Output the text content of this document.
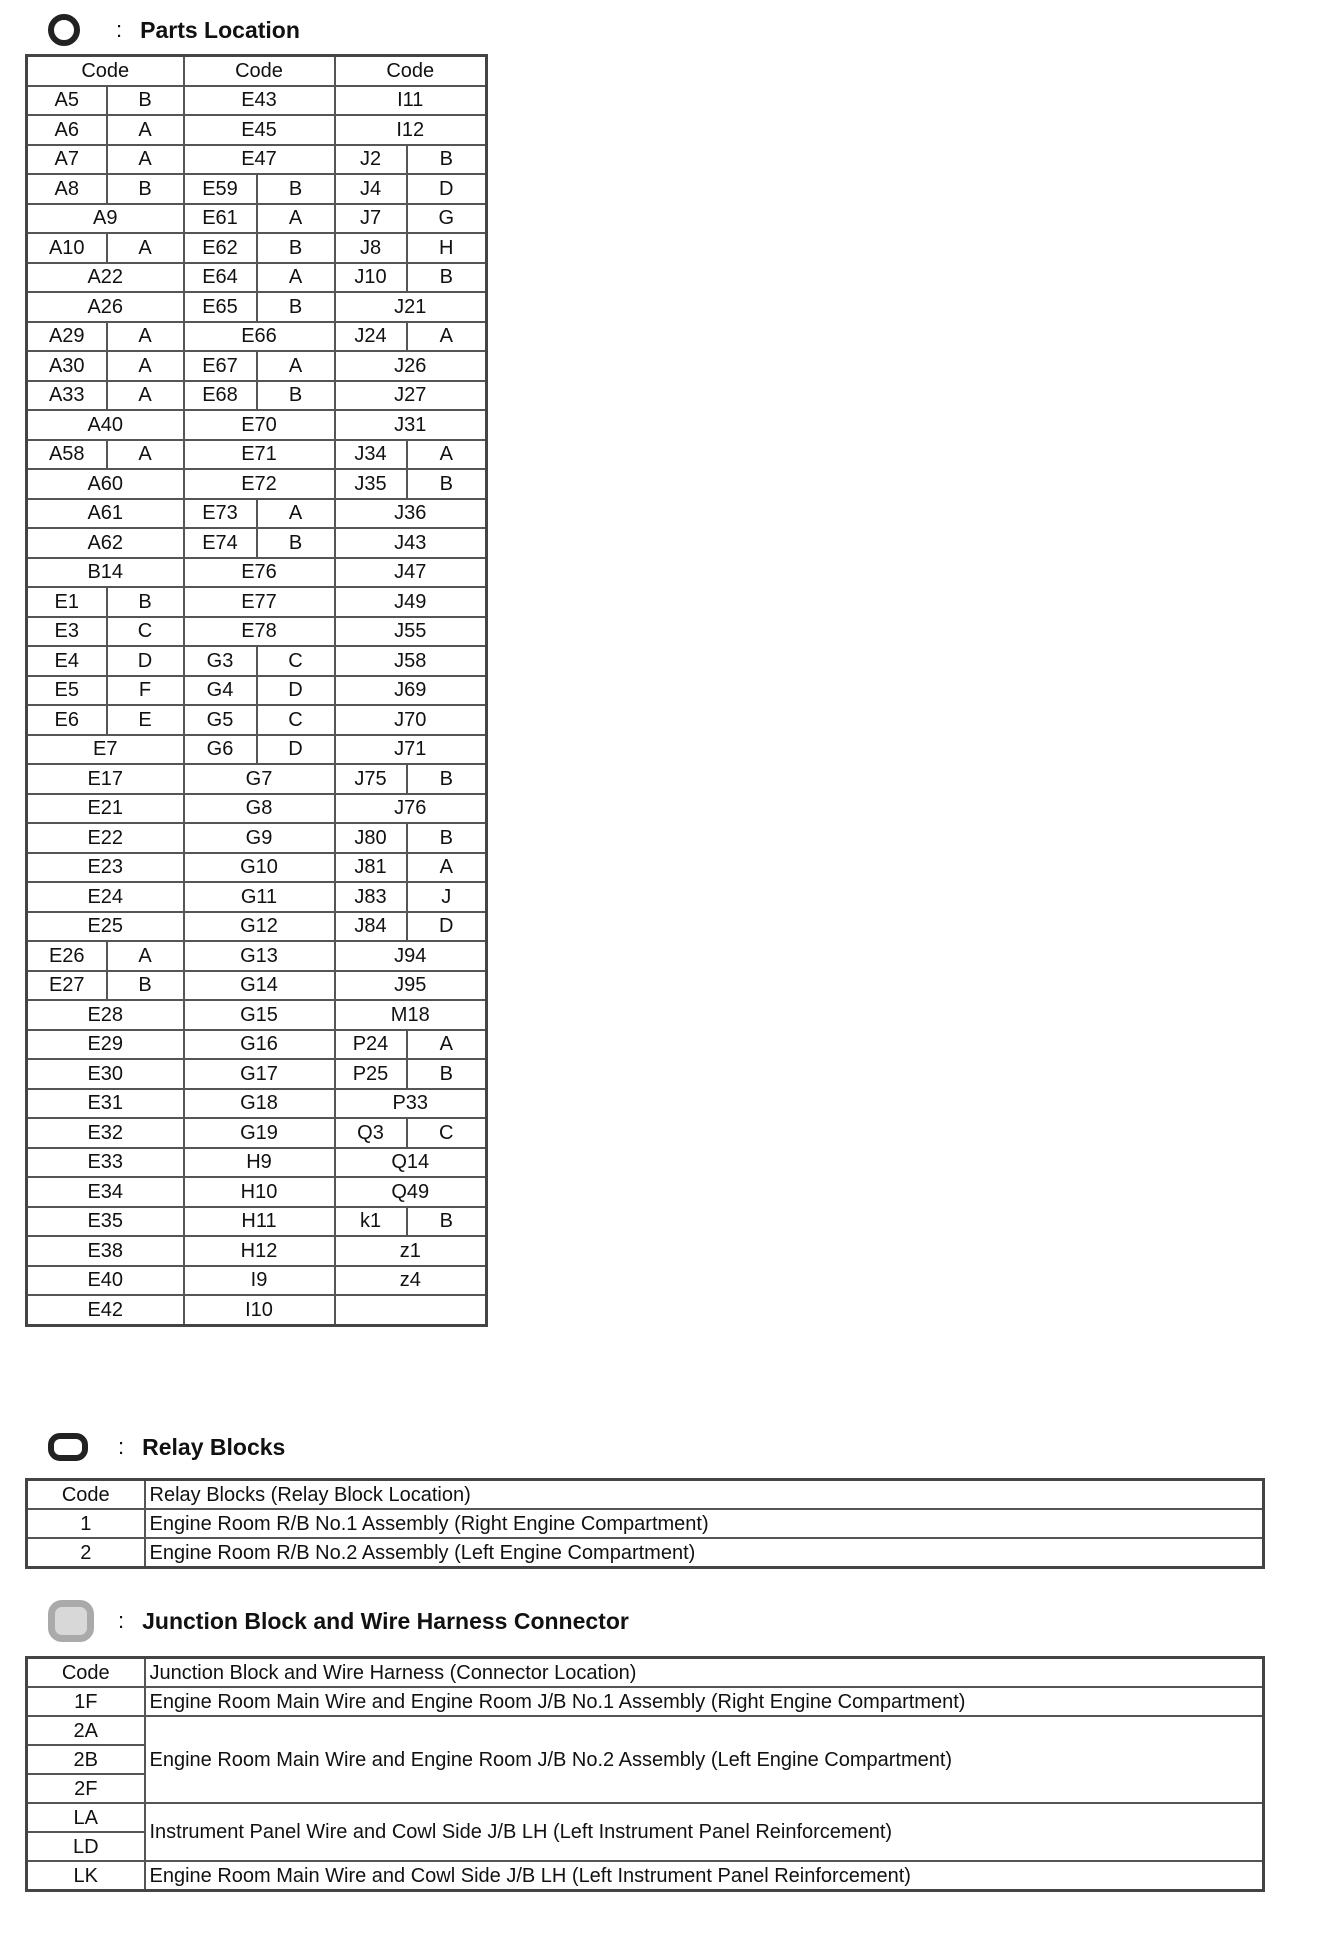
: Parts Location
Code		Code		Code	
A5	B	E43		I11	
A6	A	E45		I12	
A7	A	E47		J2	B
A8	B	E59	B	J4	D
A9		E61	A	J7	G
A10	A	E62	B	J8	H
A22		E64	A	J10	B
A26		E65	B	J21	
A29	A	E66		J24	A
A30	A	E67	A	J26	
A33	A	E68	B	J27	
A40		E70		J31	
A58	A	E71		J34	A
A60		E72		J35	B
A61		E73	A	J36	
A62		E74	B	J43	
B14		E76		J47	
E1	B	E77		J49	
E3	C	E78		J55	
E4	D	G3	C	J58	
E5	F	G4	D	J69	
E6	E	G5	C	J70	
E7		G6	D	J71	
E17		G7		J75	B
E21		G8		J76	
E22		G9		J80	B
E23		G10		J81	A
E24		G11		J83	J
E25		G12		J84	D
E26	A	G13		J94	
E27	B	G14		J95	
E28		G15		M18	
E29		G16		P24	A
E30		G17		P25	B
E31		G18		P33	
E32		G19		Q3	C
E33		H9		Q14	
E34		H10		Q49	
E35		H11		k1	B
E38		H12		z1	
E40		I9		z4	
E42		I10			
: Relay Blocks
Code	Relay Blocks (Relay Block Location)
1	Engine Room R/B No.1 Assembly (Right Engine Compartment)
2	Engine Room R/B No.2 Assembly (Left Engine Compartment)
: Junction Block and Wire Harness Connector
Code	Junction Block and Wire Harness (Connector Location)
1F	Engine Room Main Wire and Engine Room J/B No.1 Assembly (Right Engine Compartment)
2A	Engine Room Main Wire and Engine Room J/B No.2 Assembly (Left Engine Compartment)
2B	
2F	
LA	Instrument Panel Wire and Cowl Side J/B LH (Left Instrument Panel Reinforcement)
LD	
LK	Engine Room Main Wire and Cowl Side J/B LH (Left Instrument Panel Reinforcement)
